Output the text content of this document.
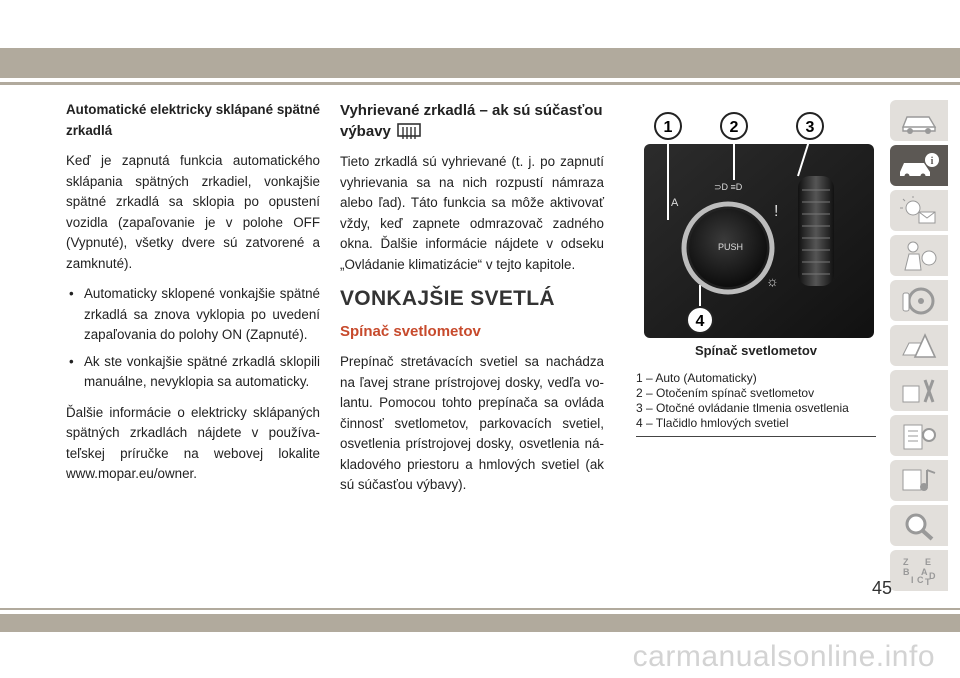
Automatické elektricky sklápané spätné zrkadlá

Keď je zapnutá funkcia automatického sklápania spätných zrkadiel, vonkajšie spätné zrkadlá sa sklopia po opustení vozidla (zapaľovanie je v polohe OFF (Vypnuté), všetky dvere sú zatvorené a zamknuté).

• Automaticky sklopené vonkajšie spätné zrkadlá sa znova vyklopia po uvedení zapaľovania do polohy ON (Zapnuté).
• Ak ste vonkajšie spätné zrkadlá sklopili manuálne, nevyklopia sa automaticky.

Ďalšie informácie o elektricky sklápaných spätných zrkadlách nájdete v používateľskej príručke na webovej lokalite www.mopar.eu/owner.

Vyhrievané zrkadlá – ak sú súčasťou výbavy

Tieto zrkadlá sú vyhrievané (t. j. po zapnutí vyhrievania sa na nich rozpustí námraza alebo ľad). Táto funkcia sa môže aktivovať vždy, keď zapnete odmrazovač zadného okna. Ďalšie informácie nájdete v odseku „Ovládanie klimatizácie“ v tejto kapitole.

VONKAJŠIE SVETLÁ
Spínač svetlometov

Prepínač stretávacích svetiel sa nachádza na ľavej strane prístrojovej dosky, vedľa volantu. Pomocou tohto prepínača sa ovláda činnosť svetlometov, parkovacích svetiel, osvetlenia prístrojovej dosky, osvetlenia nákladového priestoru a hmlových svetiel (ak sú súčasťou výbavy).

PUSH
A
⊃D ≡D
!
☼
1	2	3
4
Spínač svetlometov
1 – Auto (Automaticky)
2 – Otočením spínač svetlometov
3 – Otočné ovládanie tlmenia osvetlenia
4 – Tlačidlo hmlových svetiel
i
Z E
B A
I C D
T
45
carmanualsonline.info
